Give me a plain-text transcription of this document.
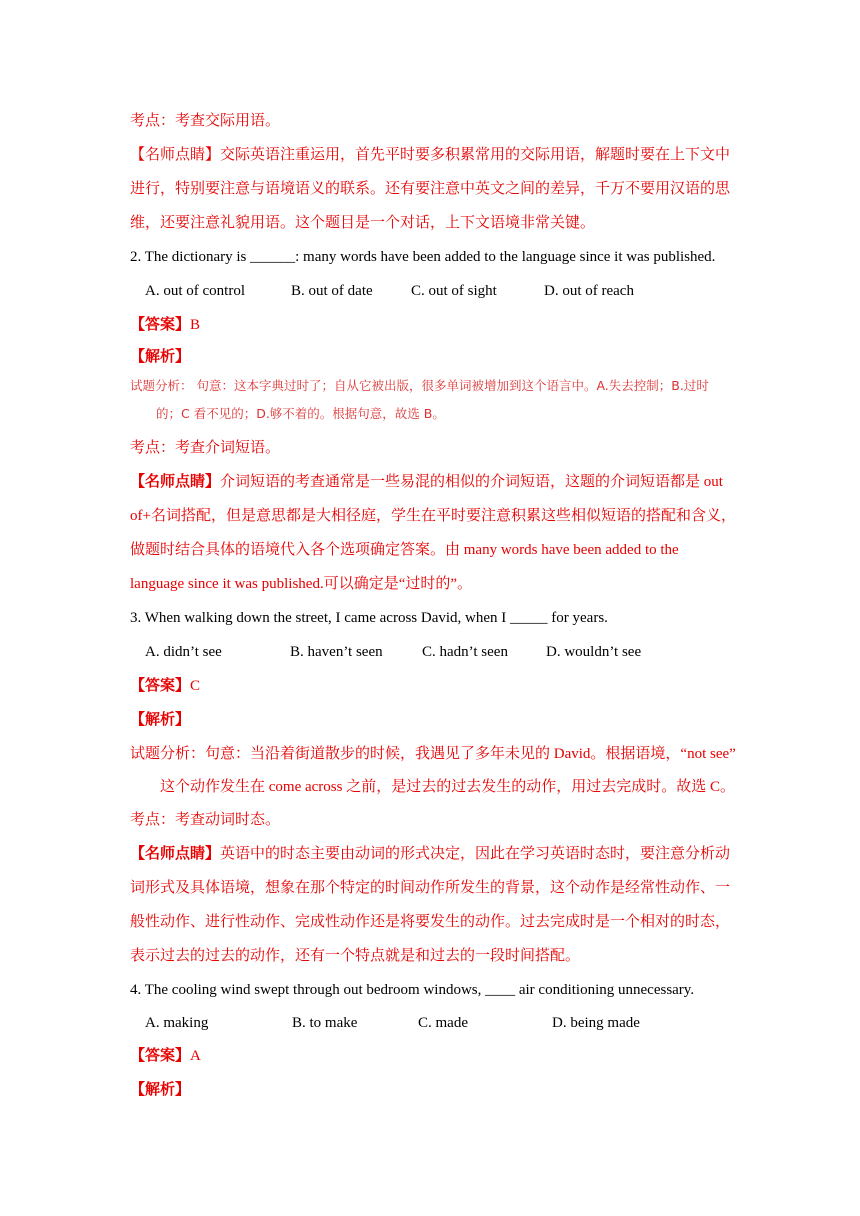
考点：考查交际用语。
【名师点睛】交际英语注重运用，首先平时要多积累常用的交际用语，解题时要在上下文中
进行，特别要注意与语境语义的联系。还有要注意中英文之间的差异，千万不要用汉语的思
维，还要注意礼貌用语。这个题目是一个对话，上下文语境非常关键。
2. The dictionary is ______: many words have been added to the language since it was published.
A. out of control	B. out of date	C. out of sight	D. out of reach
【答案】B
【解析】
试题分析： 句意：这本字典过时了；自从它被出版，很多单词被增加到这个语言中。A.失去控制；B.过时
的；C 看不见的；D.够不着的。根据句意，故选 B。
考点：考查介词短语。
【名师点睛】介词短语的考查通常是一些易混的相似的介词短语，这题的介词短语都是 out
of+名词搭配，但是意思都是大相径庭，学生在平时要注意积累这些相似短语的搭配和含义，
做题时结合具体的语境代入各个选项确定答案。由 many words have been added to the
language since it was published.可以确定是“过时的”。
3. When walking down the street, I came across David, when I _____ for years.
A. didn’t see	B. haven’t seen	C. hadn’t seen	D. wouldn’t see
【答案】C
【解析】
试题分析：句意：当沿着街道散步的时候，我遇见了多年未见的 David。根据语境，“not see”
这个动作发生在 come across 之前，是过去的过去发生的动作，用过去完成时。故选 C。
考点：考查动词时态。
【名师点睛】英语中的时态主要由动词的形式决定，因此在学习英语时态时，要注意分析动
词形式及具体语境，想象在那个特定的时间动作所发生的背景，这个动作是经常性动作、一
般性动作、进行性动作、完成性动作还是将要发生的动作。过去完成时是一个相对的时态，
表示过去的过去的动作，还有一个特点就是和过去的一段时间搭配。
4. The cooling wind swept through out bedroom windows, ____ air conditioning unnecessary.
A. making	B. to make	C. made	D. being made
【答案】A
【解析】
